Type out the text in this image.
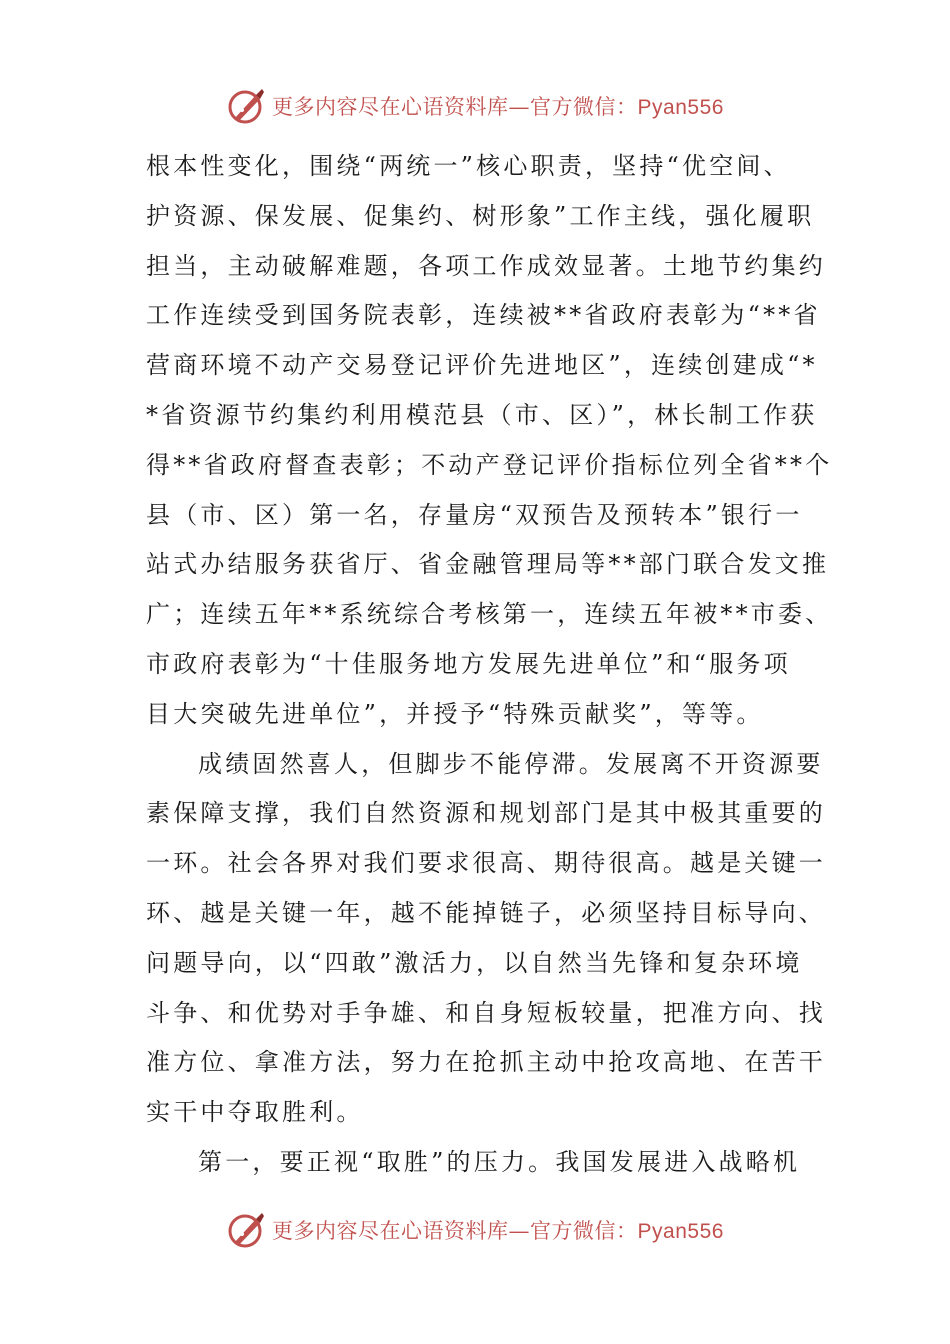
更多内容尽在心语资料库—官方微信：Pyan556
根本性变化，围绕“两统一”核心职责，坚持“优空间、
护资源、保发展、促集约、树形象”工作主线，强化履职
担当，主动破解难题，各项工作成效显著。土地节约集约
工作连续受到国务院表彰，连续被**省政府表彰为“**省
营商环境不动产交易登记评价先进地区”，连续创建成“*
*省资源节约集约利用模范县（市、区）”，林长制工作获
得**省政府督查表彰；不动产登记评价指标位列全省**个
县（市、区）第一名，存量房“双预告及预转本”银行一
站式办结服务获省厅、省金融管理局等**部门联合发文推
广；连续五年**系统综合考核第一，连续五年被**市委、
市政府表彰为“十佳服务地方发展先进单位”和“服务项
目大突破先进单位”，并授予“特殊贡献奖”，等等。
成绩固然喜人，但脚步不能停滞。发展离不开资源要
素保障支撑，我们自然资源和规划部门是其中极其重要的
一环。社会各界对我们要求很高、期待很高。越是关键一
环、越是关键一年，越不能掉链子，必须坚持目标导向、
问题导向，以“四敢”激活力，以自然当先锋和复杂环境
斗争、和优势对手争雄、和自身短板较量，把准方向、找
准方位、拿准方法，努力在抢抓主动中抢攻高地、在苦干
实干中夺取胜利。
第一，要正视“取胜”的压力。我国发展进入战略机
更多内容尽在心语资料库—官方微信：Pyan556
